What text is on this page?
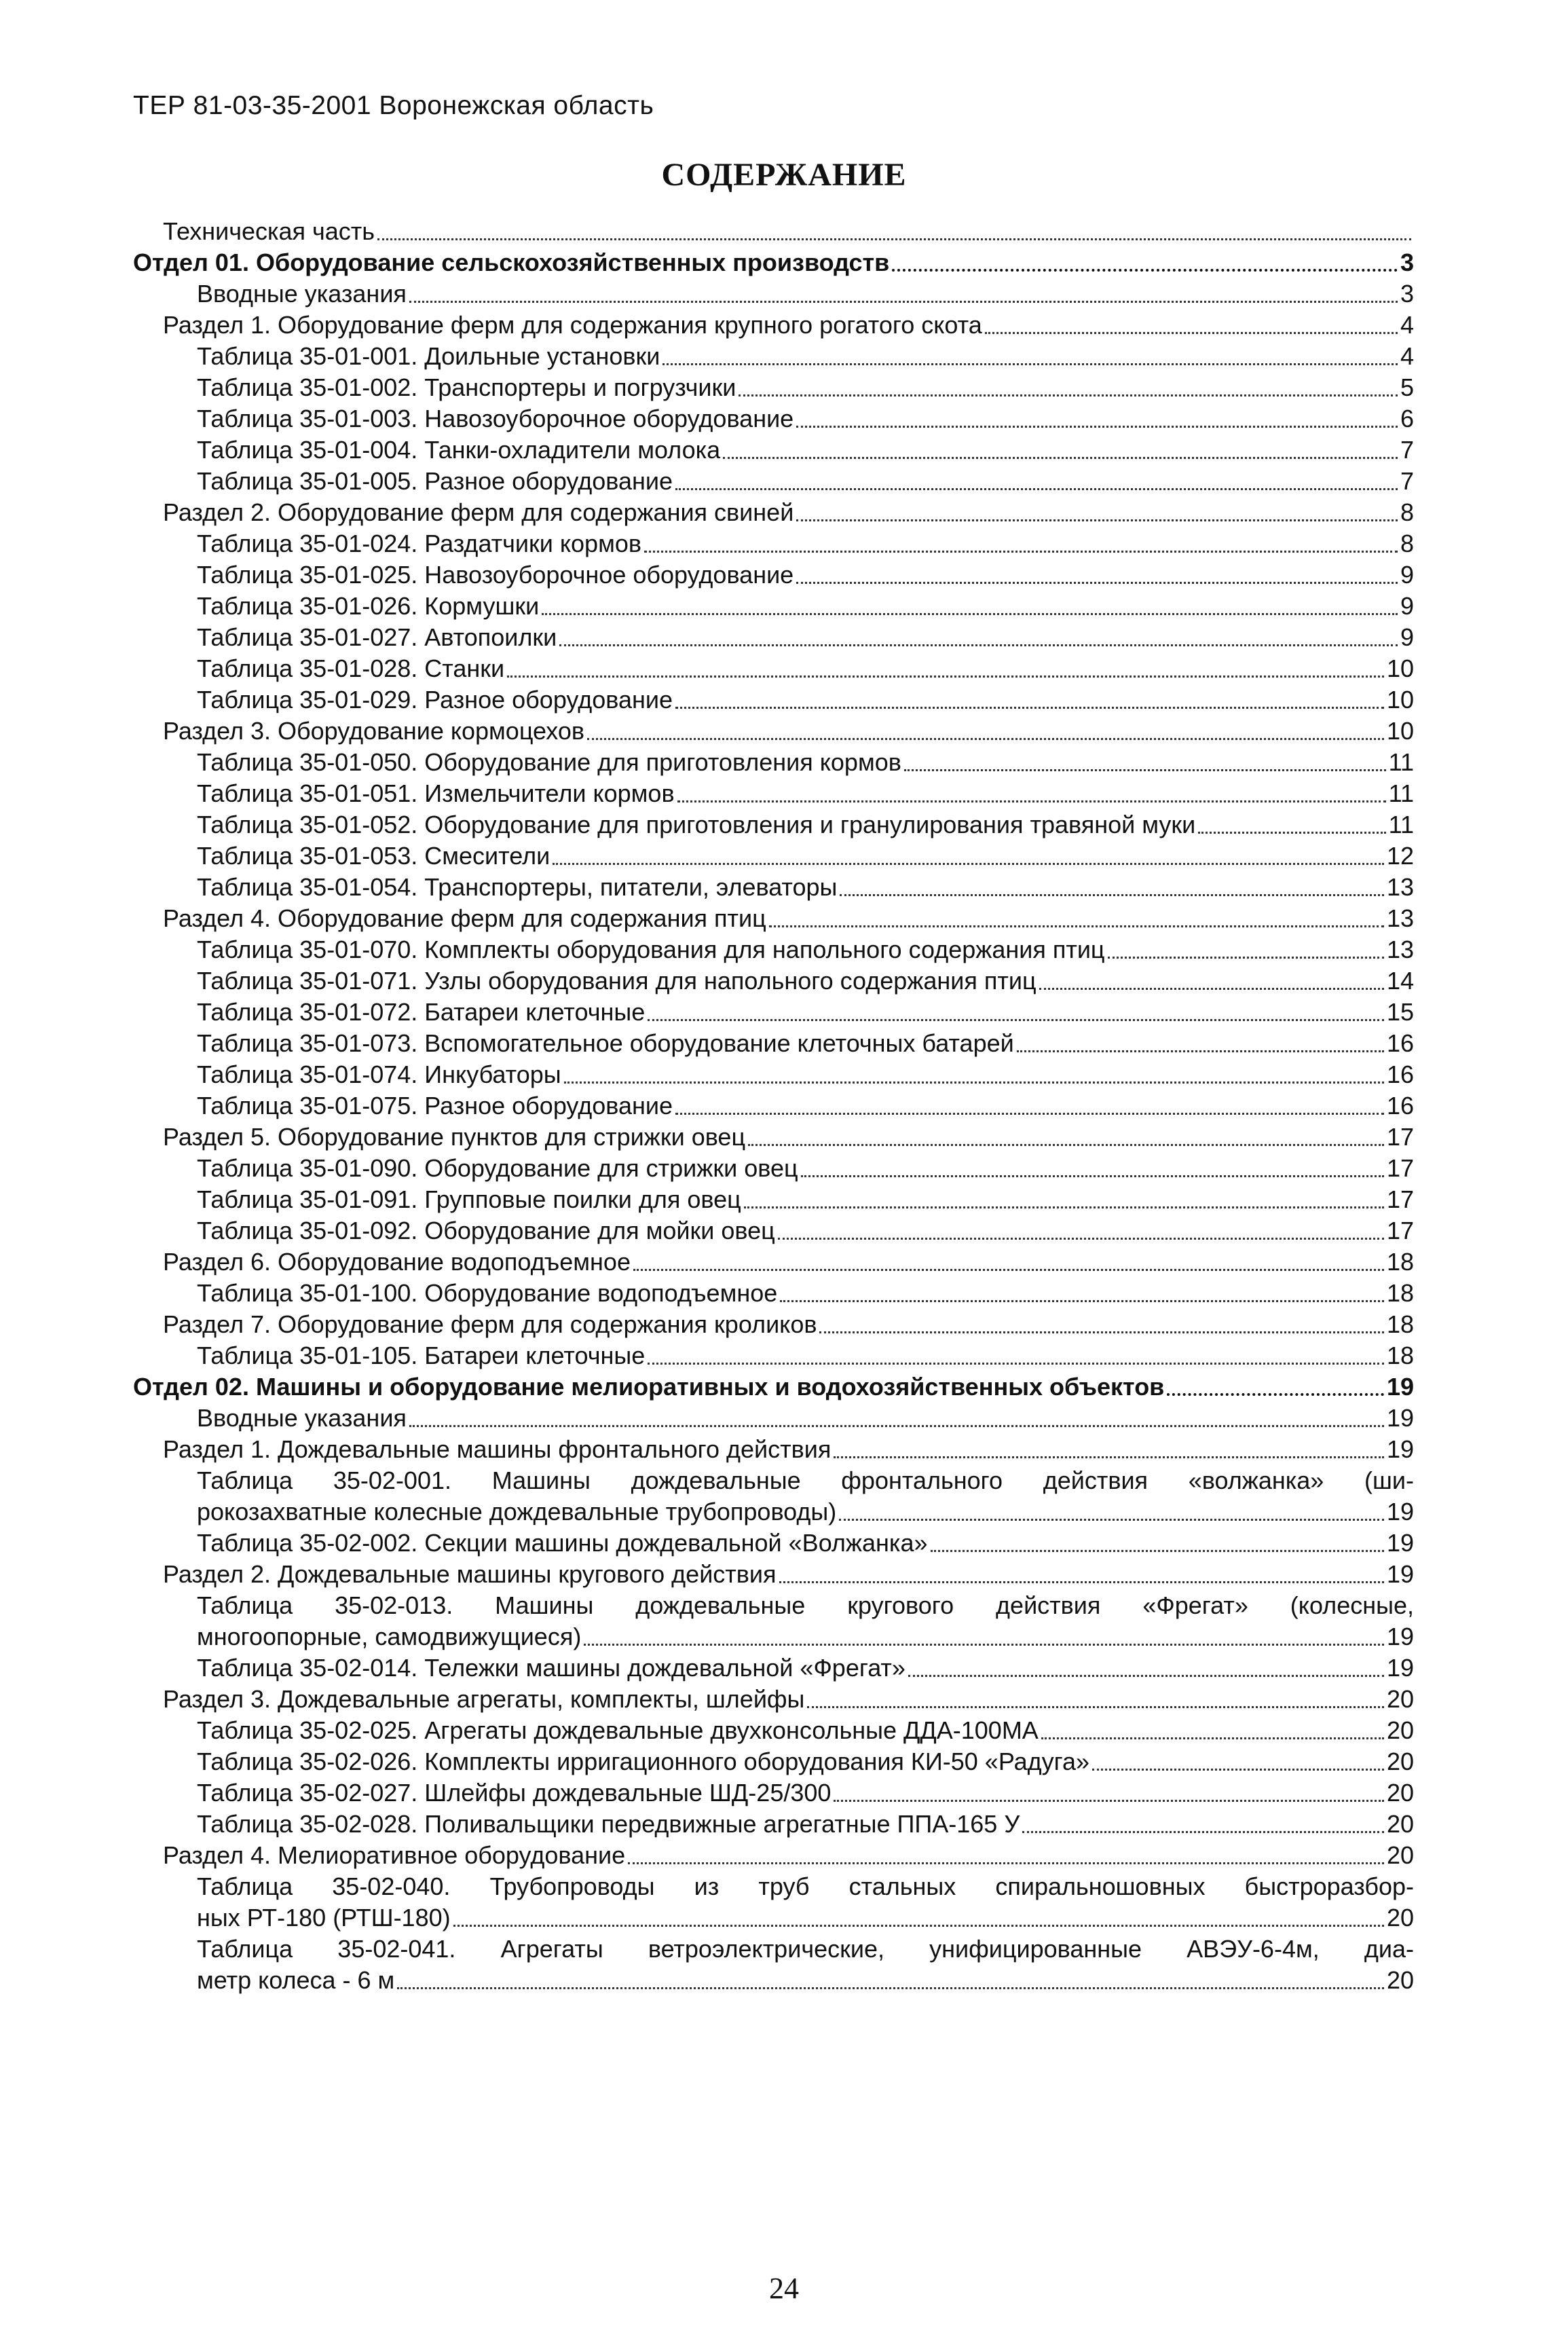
ТЕР 81-03-35-2001 Воронежская область
СОДЕРЖАНИЕ
Техническая часть
Отдел 01. Оборудование сельскохозяйственных производств	3
Вводные указания	3
Раздел 1. Оборудование ферм для содержания крупного рогатого скота	4
Таблица 35-01-001. Доильные установки	4
Таблица 35-01-002. Транспортеры и погрузчики	5
Таблица 35-01-003. Навозоуборочное оборудование	6
Таблица 35-01-004. Танки-охладители молока	7
Таблица 35-01-005. Разное оборудование	7
Раздел 2. Оборудование ферм для содержания свиней	8
Таблица 35-01-024. Раздатчики кормов	8
Таблица 35-01-025. Навозоуборочное оборудование	9
Таблица 35-01-026. Кормушки	9
Таблица 35-01-027. Автопоилки	9
Таблица 35-01-028. Станки	10
Таблица 35-01-029. Разное оборудование	10
Раздел 3. Оборудование кормоцехов	10
Таблица 35-01-050. Оборудование для приготовления кормов	11
Таблица 35-01-051. Измельчители кормов	11
Таблица 35-01-052. Оборудование для приготовления и гранулирования травяной муки	11
Таблица 35-01-053. Смесители	12
Таблица 35-01-054. Транспортеры, питатели, элеваторы	13
Раздел 4. Оборудование ферм для содержания птиц	13
Таблица 35-01-070. Комплекты оборудования для напольного содержания птиц	13
Таблица 35-01-071. Узлы оборудования для напольного содержания птиц	14
Таблица 35-01-072. Батареи клеточные	15
Таблица 35-01-073. Вспомогательное оборудование клеточных батарей	16
Таблица 35-01-074. Инкубаторы	16
Таблица 35-01-075. Разное оборудование	16
Раздел 5. Оборудование пунктов для стрижки овец	17
Таблица 35-01-090. Оборудование для стрижки овец	17
Таблица 35-01-091. Групповые поилки для овец	17
Таблица 35-01-092. Оборудование для мойки овец	17
Раздел 6. Оборудование водоподъемное	18
Таблица 35-01-100. Оборудование водоподъемное	18
Раздел 7. Оборудование ферм для содержания кроликов	18
Таблица 35-01-105. Батареи клеточные	18
Отдел 02. Машины и оборудование мелиоративных и водохозяйственных объектов	19
Вводные указания	19
Раздел 1. Дождевальные машины фронтального действия	19
Таблица 35-02-001. Машины дождевальные фронтального действия «волжанка» (ши-
рокозахватные колесные дождевальные трубопроводы)	19
Таблица 35-02-002. Секции машины дождевальной «Волжанка»	19
Раздел 2. Дождевальные машины кругового действия	19
Таблица 35-02-013. Машины дождевальные кругового действия «Фрегат» (колесные,
многоопорные, самодвижущиеся)	19
Таблица 35-02-014. Тележки машины дождевальной «Фрегат»	19
Раздел 3. Дождевальные агрегаты, комплекты, шлейфы	20
Таблица 35-02-025. Агрегаты дождевальные двухконсольные ДДА-100МА	20
Таблица 35-02-026. Комплекты ирригационного оборудования КИ-50 «Радуга»	20
Таблица 35-02-027. Шлейфы дождевальные ШД-25/300	20
Таблица 35-02-028. Поливальщики передвижные агрегатные ППА-165 У	20
Раздел 4. Мелиоративное оборудование	20
Таблица 35-02-040. Трубопроводы из труб стальных спиральношовных быстроразбор-
ных РТ-180 (РТШ-180)	20
Таблица 35-02-041. Агрегаты ветроэлектрические, унифицированные АВЭУ-6-4м, диа-
метр колеса - 6 м	20
24
